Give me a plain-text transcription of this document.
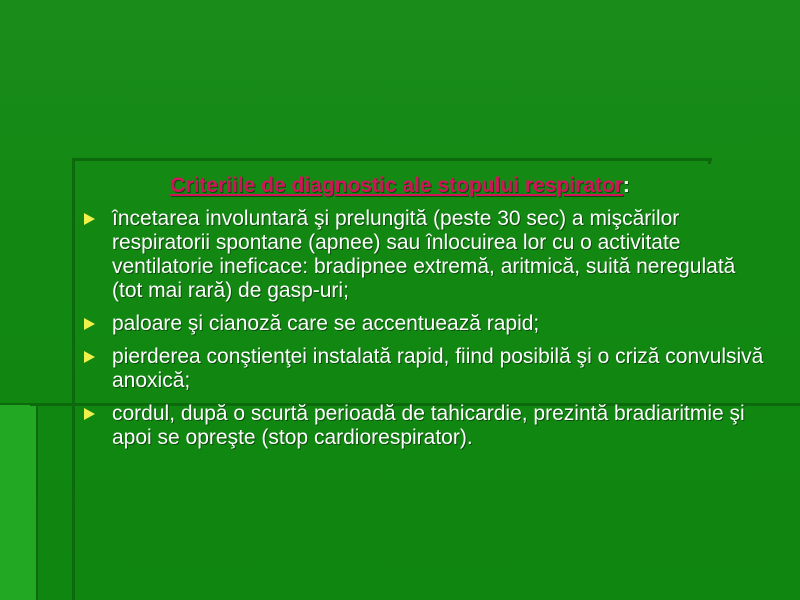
Criteriile de diagnostic ale stopului respirator:
încetarea involuntară şi prelungită (peste 30 sec) a mişcărilor respiratorii spontane (apnee) sau înlocuirea lor cu o activitate ventilatorie ineficace: bradipnee extremă, aritmică, suită neregulată (tot mai rară) de gasp-uri;
paloare şi cianoză care se accentuează rapid;
pierderea conştienţei instalată rapid, fiind posibilă şi o criză convulsivă anoxică;
cordul, după o scurtă perioadă de tahicardie, prezintă bradiaritmie şi apoi se opreşte (stop cardiorespirator).
